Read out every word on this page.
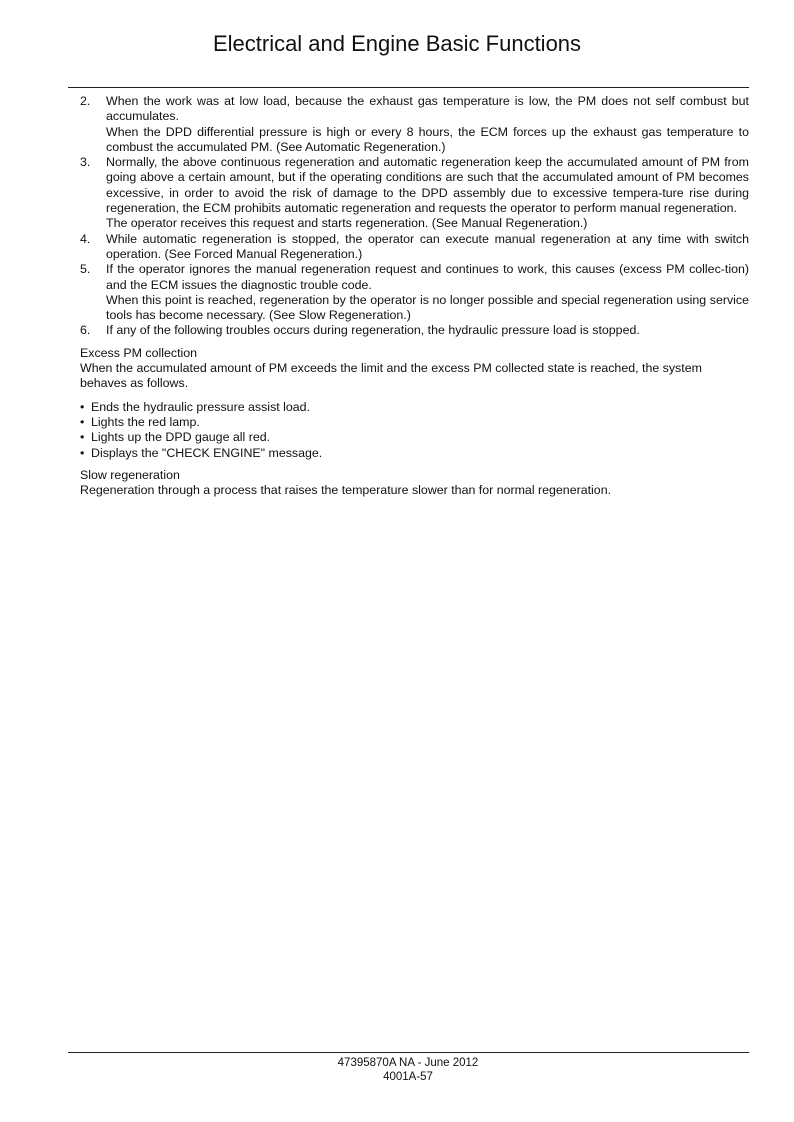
Electrical and Engine Basic Functions
2. When the work was at low load, because the exhaust gas temperature is low, the PM does not self combust but accumulates.

When the DPD differential pressure is high or every 8 hours, the ECM forces up the exhaust gas temperature to combust the accumulated PM. (See Automatic Regeneration.)

3. Normally, the above continuous regeneration and automatic regeneration keep the accumulated amount of PM from going above a certain amount, but if the operating conditions are such that the accumulated amount of PM becomes excessive, in order to avoid the risk of damage to the DPD assembly due to excessive tempera-ture rise during regeneration, the ECM prohibits automatic regeneration and requests the operator to perform manual regeneration.

The operator receives this request and starts regeneration. (See Manual Regeneration.)

4. While automatic regeneration is stopped, the operator can execute manual regeneration at any time with switch operation. (See Forced Manual Regeneration.)

5. If the operator ignores the manual regeneration request and continues to work, this causes (excess PM collec-tion) and the ECM issues the diagnostic trouble code.

When this point is reached, regeneration by the operator is no longer possible and special regeneration using service tools has become necessary. (See Slow Regeneration.)

6. If any of the following troubles occurs during regeneration, the hydraulic pressure load is stopped.

Excess PM collection

When the accumulated amount of PM exceeds the limit and the excess PM collected state is reached, the system behaves as follows.

• Ends the hydraulic pressure assist load.
• Lights the red lamp.
• Lights up the DPD gauge all red.
• Displays the "CHECK ENGINE" message.

Slow regeneration

Regeneration through a process that raises the temperature slower than for normal regeneration.

47395870A NA - June 2012
4001A-57
